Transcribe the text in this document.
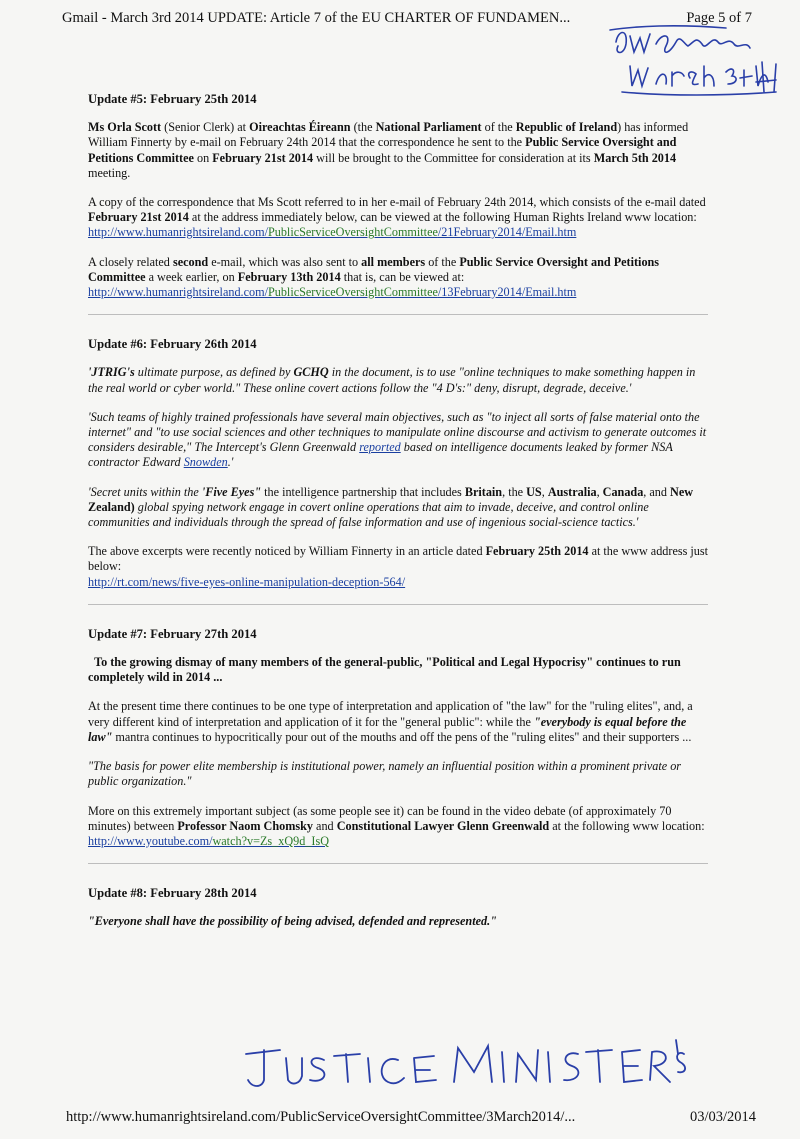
Gmail - March 3rd 2014 UPDATE: Article 7 of the EU CHARTER OF FUNDAMEN...	Page 5 of 7
Update #5: February 25th 2014

Ms Orla Scott (Senior Clerk) at Oireachtas Éireann (the National Parliament of the Republic of Ireland) has informed William Finnerty by e-mail on February 24th 2014 that the correspondence he sent to the Public Service Oversight and Petitions Committee on February 21st 2014 will be brought to the Committee for consideration at its March 5th 2014 meeting.

A copy of the correspondence that Ms Scott referred to in her e-mail of February 24th 2014, which consists of the e-mail dated February 21st 2014 at the address immediately below, can be viewed at the following Human Rights Ireland www location:
http://www.humanrightsireland.com/PublicServiceOversightCommittee/21February2014/Email.htm

A closely related second e-mail, which was also sent to all members of the Public Service Oversight and Petitions Committee a week earlier, on February 13th 2014 that is, can be viewed at:
http://www.humanrightsireland.com/PublicServiceOversightCommittee/13February2014/Email.htm

Update #6: February 26th 2014

'JTRIG's ultimate purpose, as defined by GCHQ in the document, is to use "online techniques to make something happen in the real world or cyber world." These online covert actions follow the "4 D's:" deny, disrupt, degrade, deceive.'

'Such teams of highly trained professionals have several main objectives, such as "to inject all sorts of false material onto the internet" and "to use social sciences and other techniques to manipulate online discourse and activism to generate outcomes it considers desirable," The Intercept's Glenn Greenwald reported based on intelligence documents leaked by former NSA contractor Edward Snowden.'

'Secret units within the 'Five Eyes" the intelligence partnership that includes Britain, the US, Australia, Canada, and New Zealand) global spying network engage in covert online operations that aim to invade, deceive, and control online communities and individuals through the spread of false information and use of ingenious social-science tactics.'

The above excerpts were recently noticed by William Finnerty in an article dated February 25th 2014 at the www address just below:
http://rt.com/news/five-eyes-online-manipulation-deception-564/

Update #7: February 27th 2014

To the growing dismay of many members of the general-public, "Political and Legal Hypocrisy" continues to run completely wild in 2014 ...

At the present time there continues to be one type of interpretation and application of "the law" for the "ruling elites", and, a very different kind of interpretation and application of it for the "general public": while the "everybody is equal before the law" mantra continues to hypocritically pour out of the mouths and off the pens of the "ruling elites" and their supporters ...

"The basis for power elite membership is institutional power, namely an influential position within a prominent private or public organization."

More on this extremely important subject (as some people see it) can be found in the video debate (of approximately 70 minutes) between Professor Naom Chomsky and Constitutional Lawyer Glenn Greenwald at the following www location:
http://www.youtube.com/watch?v=Zs_xQ9d_IsQ

Update #8: February 28th 2014

"Everyone shall have the possibility of being advised, defended and represented."

http://www.humanrightsireland.com/PublicServiceOversightCommittee/3March2014/...	03/03/2014
